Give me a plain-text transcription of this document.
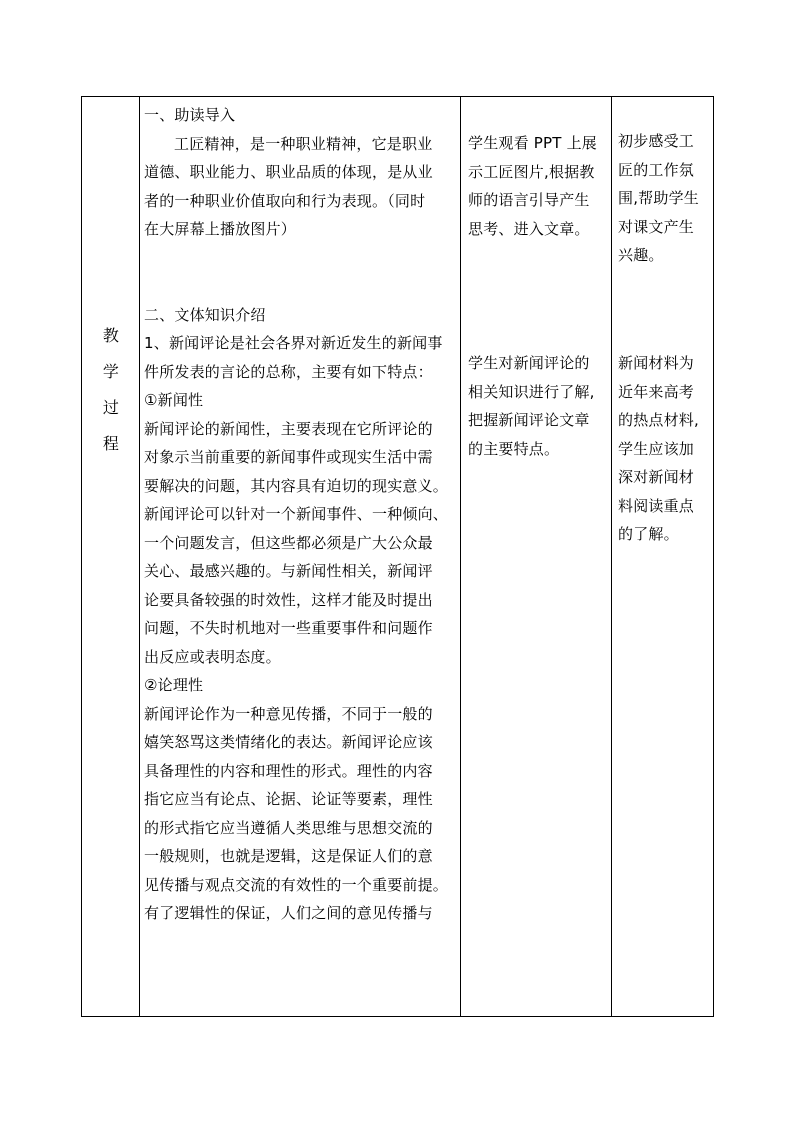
教
学
过
程
一、助读导入
工匠精神，是一种职业精神，它是职业
道德、职业能力、职业品质的体现，是从业
者的一种职业价值取向和行为表现。（同时
在大屏幕上播放图片）
二、文体知识介绍
1、新闻评论是社会各界对新近发生的新闻事
件所发表的言论的总称，主要有如下特点：
①新闻性
新闻评论的新闻性，主要表现在它所评论的
对象示当前重要的新闻事件或现实生活中需
要解决的问题，其内容具有迫切的现实意义。
新闻评论可以针对一个新闻事件、一种倾向、
一个问题发言，但这些都必须是广大公众最
关心、最感兴趣的。与新闻性相关，新闻评
论要具备较强的时效性，这样才能及时提出
问题，不失时机地对一些重要事件和问题作
出反应或表明态度。
②论理性
新闻评论作为一种意见传播，不同于一般的
嬉笑怒骂这类情绪化的表达。新闻评论应该
具备理性的内容和理性的形式。理性的内容
指它应当有论点、论据、论证等要素，理性
的形式指它应当遵循人类思维与思想交流的
一般规则，也就是逻辑，这是保证人们的意
见传播与观点交流的有效性的一个重要前提。
有了逻辑性的保证，人们之间的意见传播与
学生观看 PPT 上展
示工匠图片,根据教
师的语言引导产生
思考、进入文章。
学生对新闻评论的
相关知识进行了解,
把握新闻评论文章
的主要特点。
初步感受工
匠的工作氛
围,帮助学生
对课文产生
兴趣。
新闻材料为
近年来高考
的热点材料,
学生应该加
深对新闻材
料阅读重点
的了解。
